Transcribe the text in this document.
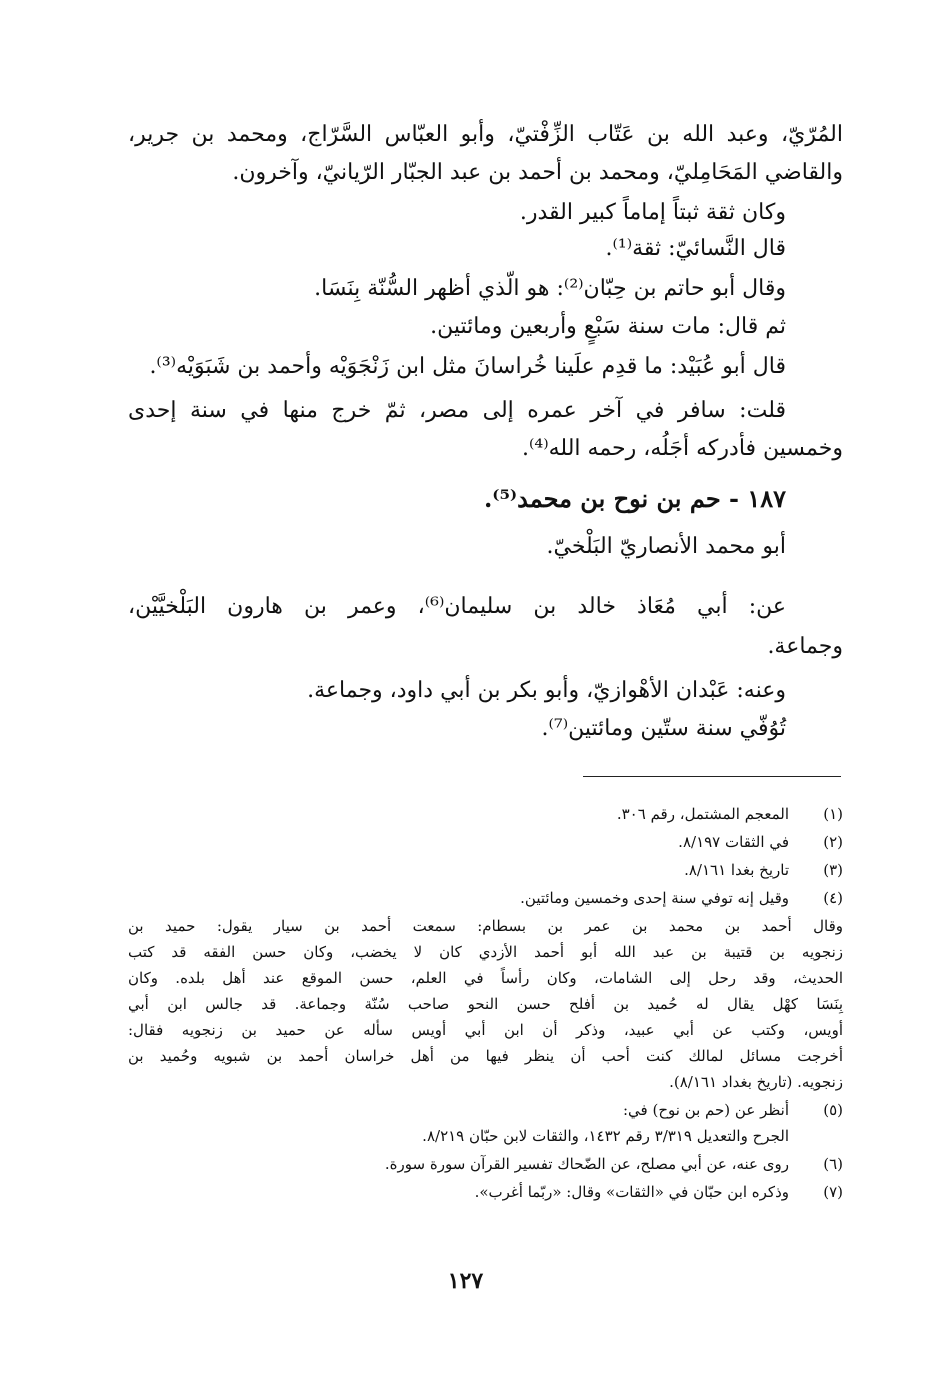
المُرّيّ، وعبد الله بن عَتّاب الزِّفْتيّ، وأبو العبّاس السَّرّاج، ومحمد بن جرير،
والقاضي المَحَامِليّ، ومحمد بن أحمد بن عبد الجبّار الرّيانيّ، وآخرون.
وكان ثقة ثبتاً إماماً كبير القدر.
قال النَّسائيّ: ثقة⁽¹⁾.
وقال أبو حاتم بن حِبّان⁽²⁾: هو الّذي أظهر السُّنّة بِنَسَا.
ثم قال: مات سنة سَبْعٍ وأربعين ومائتين.
قال أبو عُبَيْد: ما قدِم علَينا خُراسانَ مثل ابن زَنْجَوَيْه وأحمد بن شَبَوَيْه⁽³⁾.
قلت: سافر في آخر عمره إلى مصر، ثمّ خرج منها في سنة إحدى
وخمسين فأدركه أجَلُه، رحمه الله⁽⁴⁾.
١٨٧ - حم بن نوح بن محمد⁽⁵⁾.
أبو محمد الأنصاريّ البَلْخيّ.
عن: أبي مُعَاذ خالد بن سليمان⁽⁶⁾، وعمر بن هارون البَلْخيَّيْن،
وجماعة.
وعنه: عَبْدان الأهْوازيّ، وأبو بكر بن أبي داود، وجماعة.
تُوُفّي سنة ستّين ومائتين⁽⁷⁾.
(١)
المعجم المشتمل، رقم ٣٠٦.
(٢)
في الثقات ٨/١٩٧.
(٣)
تاريخ بغدا ٨/١٦١.
(٤)
وقيل إنه توفي سنة إحدى وخمسين ومائتين.
وقال أحمد بن محمد بن عمر بن بسطام: سمعت أحمد بن سيار يقول: حميد بن
زنجويه بن قتيبة بن عبد الله أبو أحمد الأزدي كان لا يخضب، وكان حسن الفقه قد كتب
الحديث، وقد رحل إلى الشامات، وكان رأساً في العلم، حسن الموقع عند أهل بلده. وكان
بِنَسَا كهْل يقال له حُميد بن أفلح حسن النحو صاحب سُنّة وجماعة. قد جالس ابن أبي
أويس، وكتب عن أبي عبيد، وذكر أن ابن أبي أويس سأله عن حميد بن زنجويه فقال:
أخرجت مسائل لمالك كنت أحب أن ينظر فيها من أهل خراسان أحمد بن شبويه وحُميد بن
زنجويه. (تاريخ بغداد ٨/١٦١).
(٥)
أنظر عن (حم بن نوح) في:
الجرح والتعديل ٣/٣١٩ رقم ١٤٣٢، والثقات لابن حبّان ٨/٢١٩.
(٦)
روى عنه، عن أبي مصلح، عن الضّحاك تفسير القرآن سورة سورة.
(٧)
وذكره ابن حبّان في «الثقات» وقال: «ربّما أغرب».
١٢٧
